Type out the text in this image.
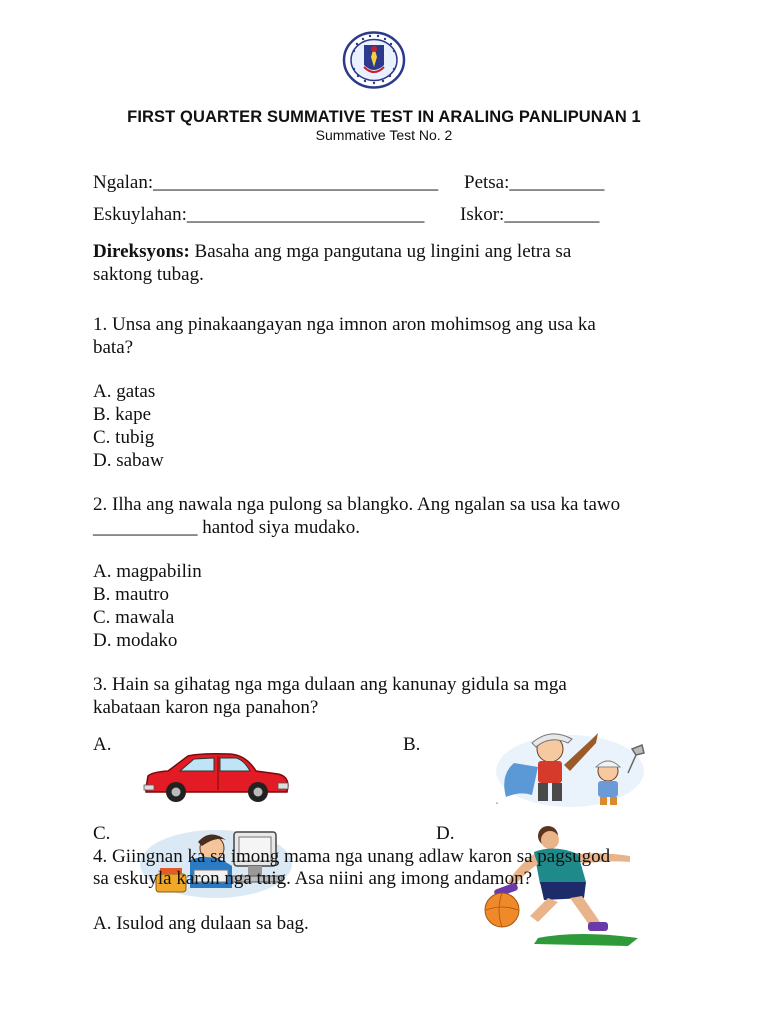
FIRST QUARTER SUMMATIVE TEST IN ARALING PANLIPUNAN 1
Summative Test No. 2
Ngalan:______________________________ Petsa:__________
Eskuylahan:_________________________ Iskor:__________
Direksyons: Basaha ang mga pangutana ug lingini ang letra sa
saktong tubag.
1. Unsa ang pinakaangayan nga imnon aron mohimsog ang usa ka
bata?
A. gatas
B. kape
C. tubig
D. sabaw
2. Ilha ang nawala nga pulong sa blangko. Ang ngalan sa usa ka tawo
___________ hantod siya mudako.
A. magpabilin
B. mautro
C. mawala
D. modako
3. Hain sa gihatag nga mga dulaan ang kanunay gidula sa mga
kabataan karon nga panahon?
A.	B.
"
C.	D.
4. Giingnan ka sa imong mama nga unang adlaw karon sa pagsugod
sa eskuyla karon nga tuig. Asa niini ang imong andamon?
A. Isulod ang dulaan sa bag.
